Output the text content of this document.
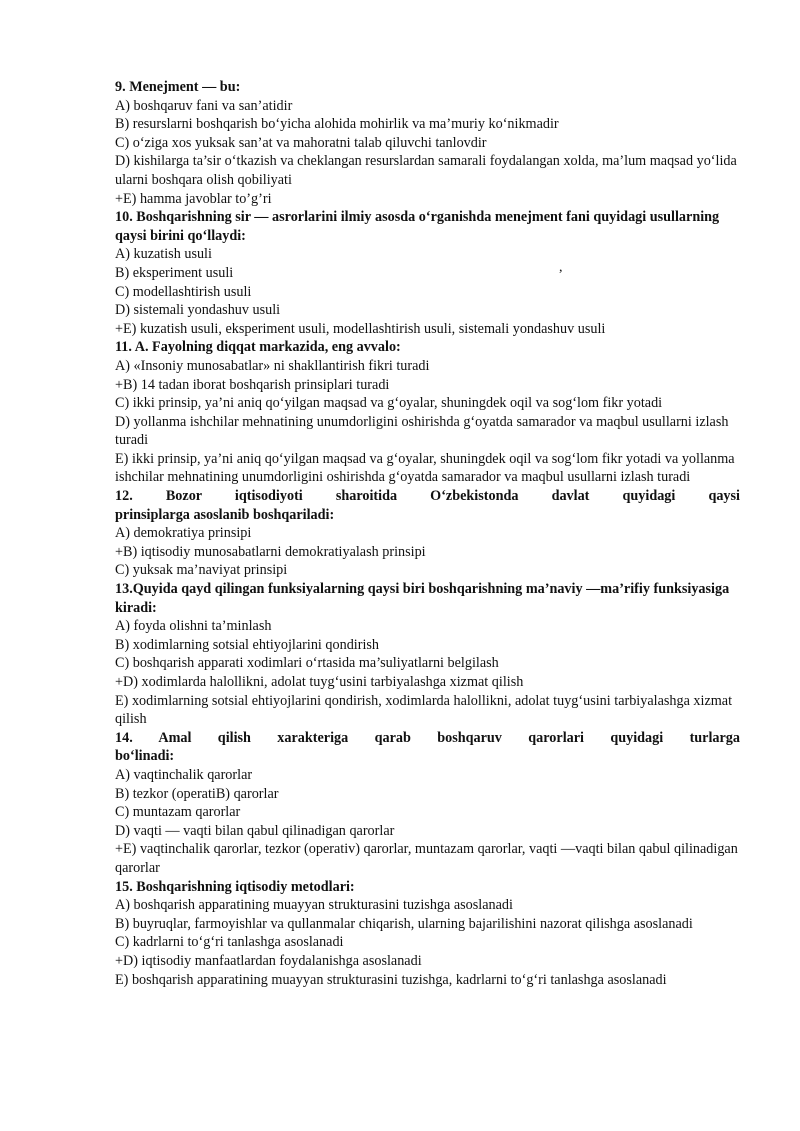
9. Menejment — bu:

A) boshqaruv fani va san’atidir

B) resurslarni boshqarish bo‘yicha alohida mohirlik va ma’muriy ko‘nikmadir

C) o‘ziga xos yuksak san’at va mahoratni talab qiluvchi tanlovdir

D) kishilarga ta’sir o‘tkazish va cheklangan resurslardan samarali foydalangan xolda, ma’lum maqsad yo‘lida ularni boshqara olish qobiliyati

+E) hamma javoblar to’g’ri

10. Boshqarishning sir — asrorlarini ilmiy asosda o‘rganishda menejment fani quyidagi usullarning qaysi birini qo‘llaydi:

A) kuzatish usuli

B) eksperiment usuli

C) modellashtirish usuli

D) sistemali yondashuv usuli

+E) kuzatish usuli, eksperiment usuli, modellashtirish usuli, sistemali yondashuv usuli

11. A. Fayolning diqqat markazida, eng avvalo:

A) «Insoniy munosabatlar» ni shakllantirish fikri turadi

+B) 14 tadan iborat boshqarish prinsiplari turadi

C) ikki prinsip, ya’ni aniq qo‘yilgan maqsad va g‘oyalar, shuningdek oqil va sog‘lom fikr yotadi

D) yollanma ishchilar mehnatining unumdorligini oshirishda g‘oyatda samarador va maqbul usullarni izlash turadi

E) ikki prinsip, ya’ni aniq qo‘yilgan maqsad va g‘oyalar, shuningdek oqil va sog‘lom fikr yotadi va yollanma ishchilar mehnatining unumdorligini oshirishda g‘oyatda samarador va maqbul usullarni izlash turadi

12. Bozor iqtisodiyoti sharoitida O‘zbekistonda davlat quyidagi qaysi

prinsiplarga asoslanib boshqariladi:

A) demokratiya prinsipi

+B) iqtisodiy munosabatlarni demokratiyalash prinsipi

C) yuksak ma’naviyat prinsipi

13.Quyida qayd qilingan funksiyalarning qaysi biri boshqarishning ma’naviy —ma’rifiy funksiyasiga kiradi:

A) foyda olishni ta’minlash

B) xodimlarning sotsial ehtiyojlarini qondirish

C) boshqarish apparati xodimlari o‘rtasida ma’suliyatlarni belgilash

+D) xodimlarda halollikni, adolat tuyg‘usini tarbiyalashga xizmat qilish

E) xodimlarning sotsial ehtiyojlarini qondirish, xodimlarda halollikni, adolat tuyg‘usini tarbiyalashga xizmat qilish

14. Amal qilish xarakteriga qarab boshqaruv qarorlari quyidagi turlarga

bo‘linadi:

A) vaqtinchalik qarorlar

B) tezkor (operatiB) qarorlar

C) muntazam qarorlar

D) vaqti — vaqti bilan qabul qilinadigan qarorlar

+E) vaqtinchalik qarorlar, tezkor (operativ) qarorlar, muntazam qarorlar, vaqti —vaqti bilan qabul qilinadigan qarorlar

15. Boshqarishning iqtisodiy metodlari:

A) boshqarish apparatining muayyan strukturasini tuzishga asoslanadi

B) buyruqlar, farmoyishlar va qullanmalar chiqarish, ularning bajarilishini nazorat qilishga asoslanadi

C) kadrlarni to‘g‘ri tanlashga asoslanadi

+D) iqtisodiy manfaatlardan foydalanishga asoslanadi

E) boshqarish apparatining muayyan strukturasini tuzishga, kadrlarni to‘g‘ri tanlashga asoslanadi

,
